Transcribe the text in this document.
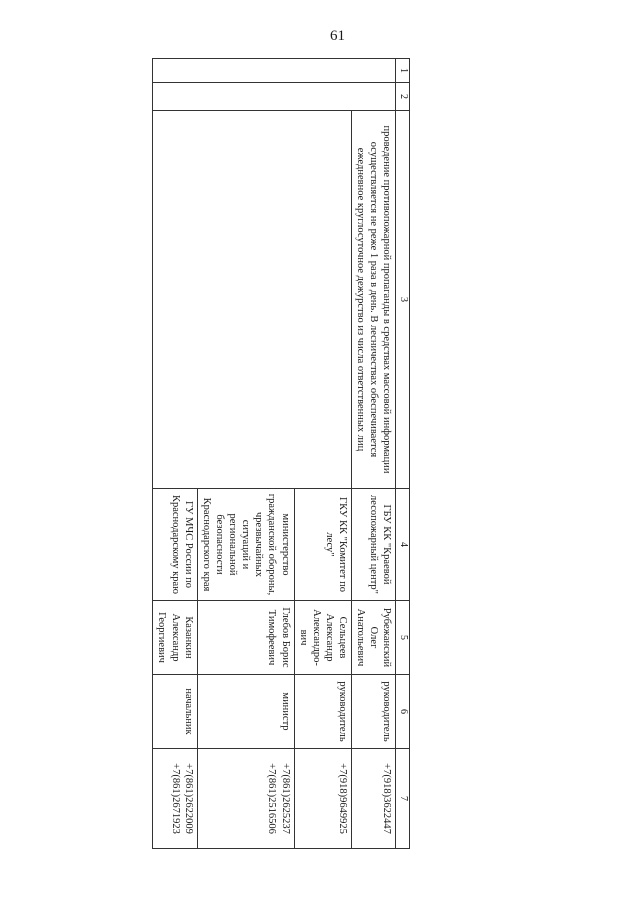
61
1	2	3	4	5	6	7

		проведение противопожарной пропаганды в средствах массовой информации осуществляется не реже 1 раза в день. В лесничествах обеспечивается ежедневное круглосуточное дежурство из числа ответственных лиц	ГБУ КК "Краевой лесопожарный центр"	Рубежанский Олег Анатольевич	руководитель	+7(918)3622447
			ГКУ КК "Комитет по лесу"	Сельцеев Александр Александро-вич	руководитель	+7(918)9649925
			министерство гражданской обороны, чрезвычайных ситуаций и региональной безопасности Краснодарского края	Глебов Борис Тимофеевич	министр	+7(861)2625237 +7(861)2516506
			ГУ МЧС России по Краснодарскому краю	Казанкин Александр Георгиевич	начальник	+7(861)2622009 +7(861)2671923
